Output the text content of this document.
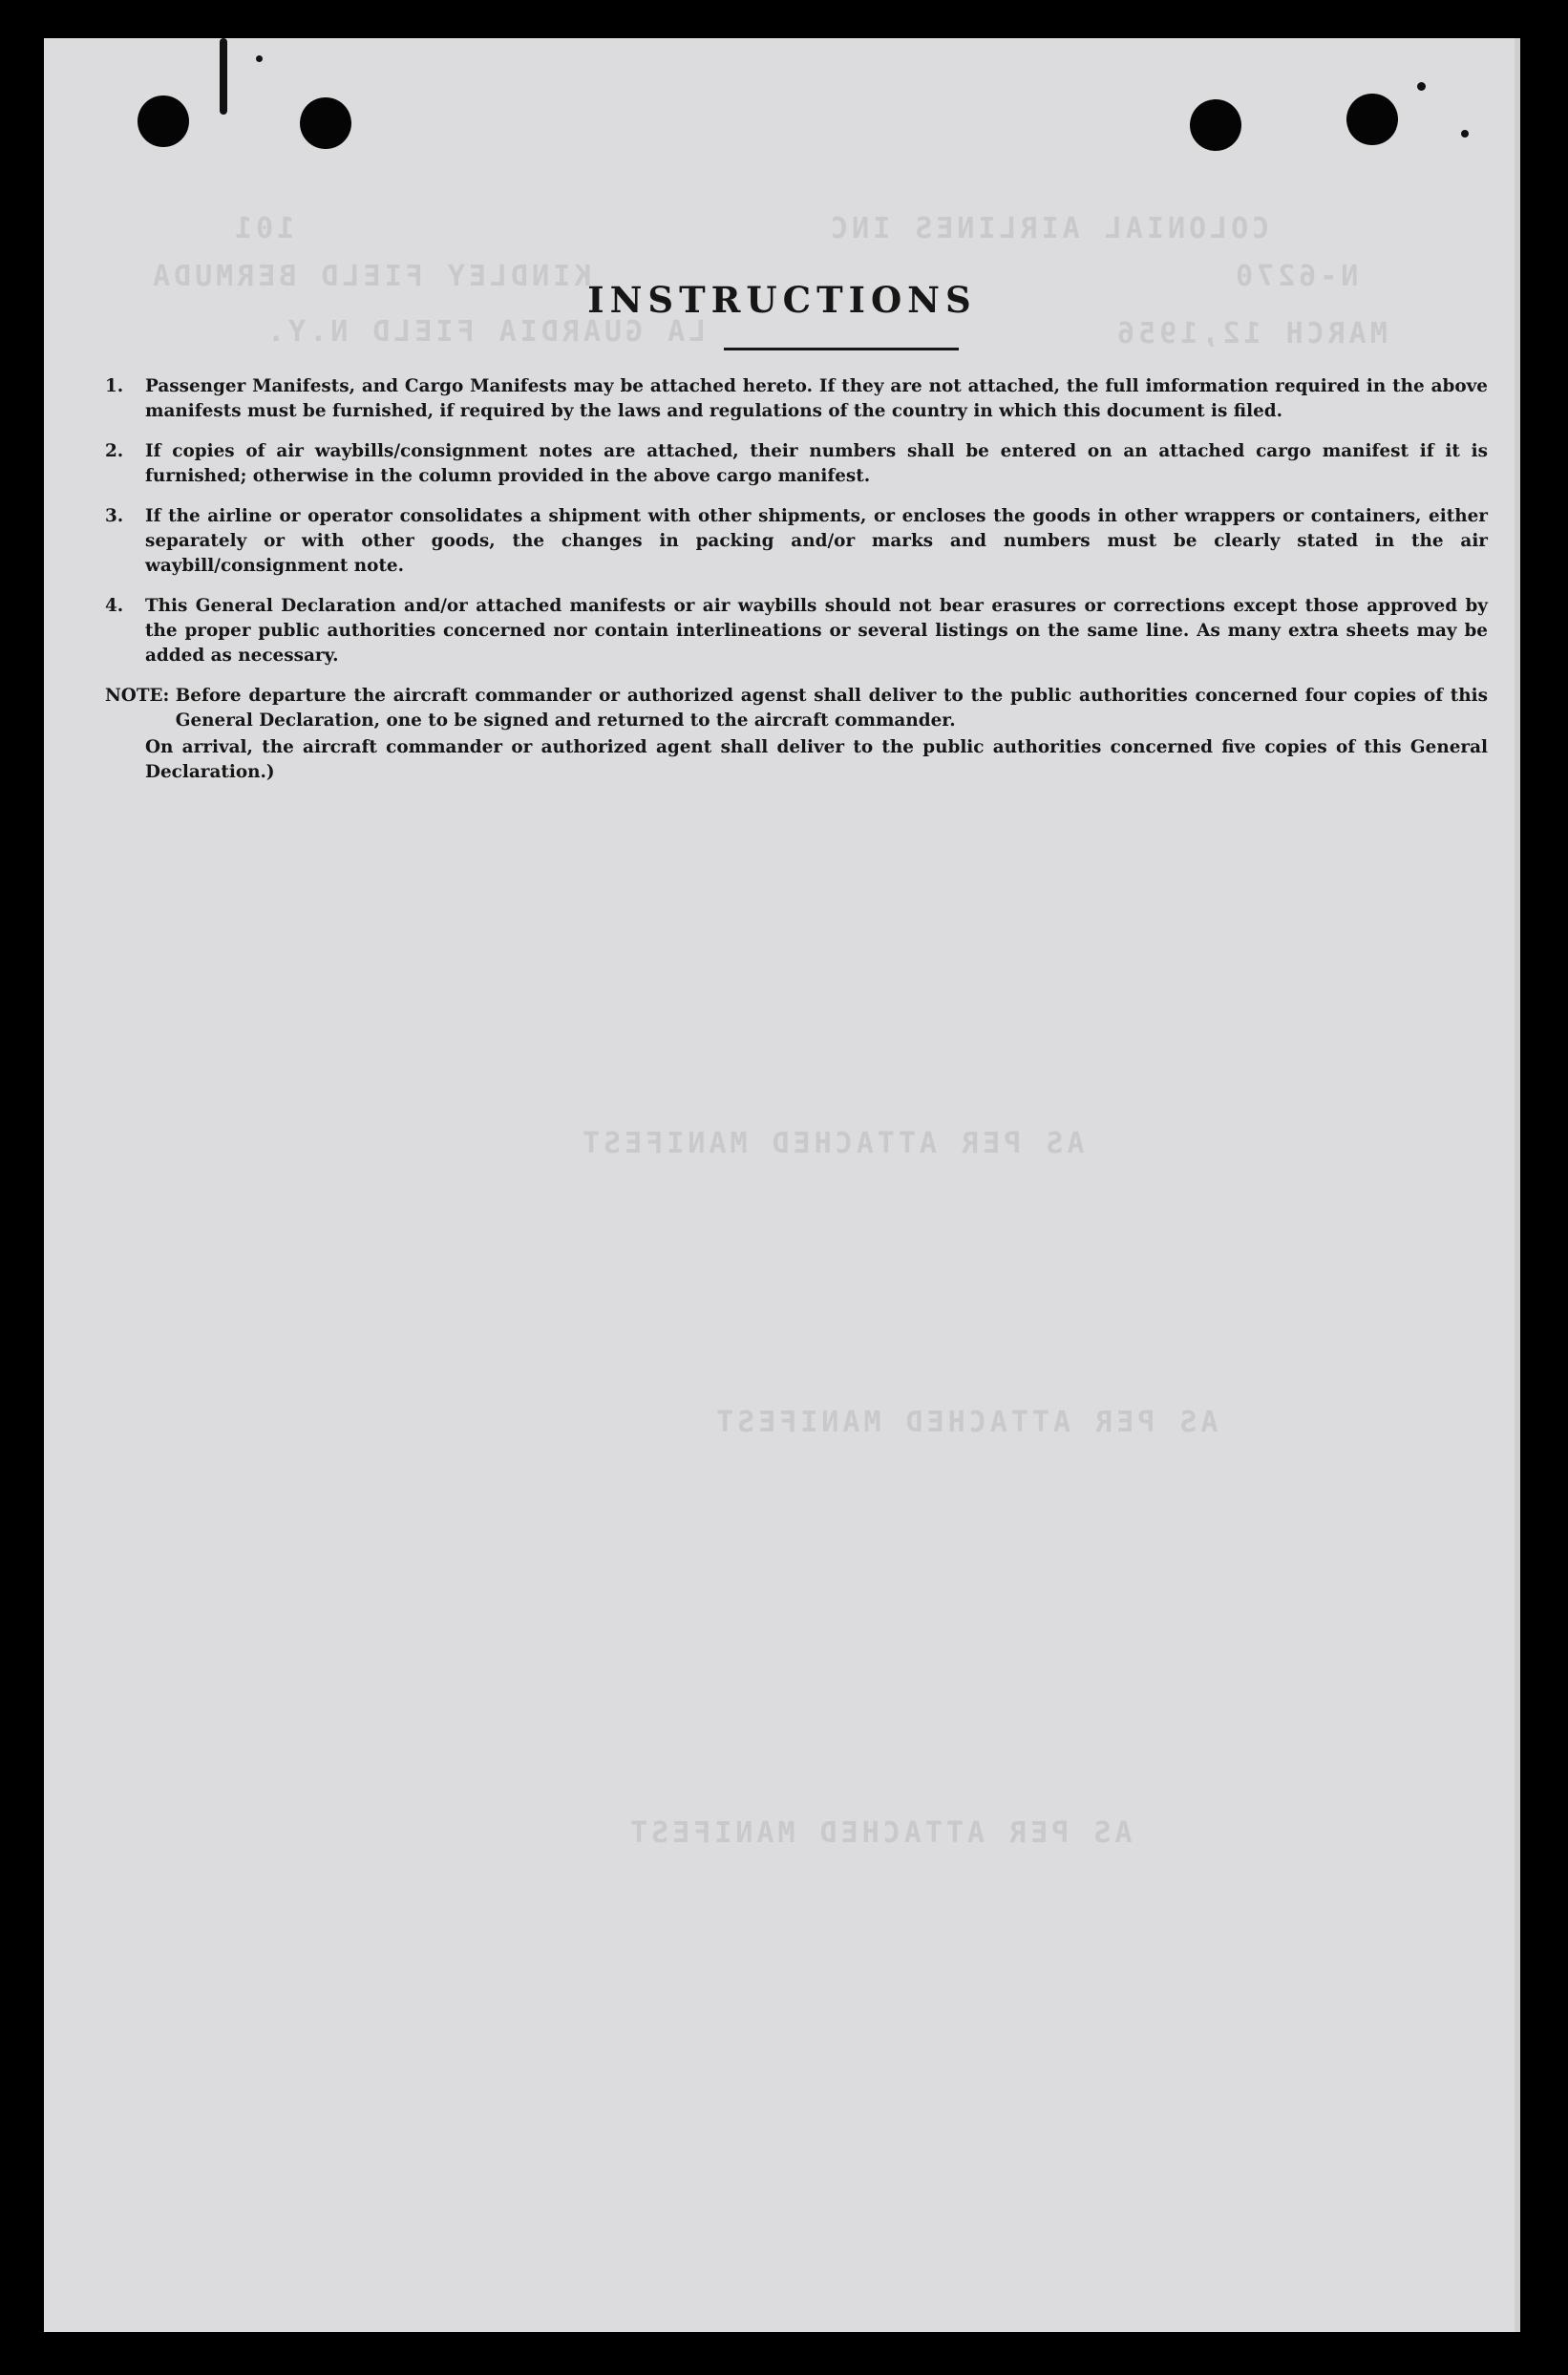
COLONIAL AIRLINES INC
101
KINDLEY FIELD BERMUDA	N-6270
LA GUARDIA FIELD N.Y.	MARCH 12,1956
AS PER ATTACHED MANIFEST
AS PER ATTACHED MANIFEST
AS PER ATTACHED MANIFEST
INSTRUCTIONS
1.	Passenger Manifests, and Cargo Manifests may be attached hereto. If they are not attached, the full imformation required in the above manifests must be furnished, if required by the laws and regulations of the country in which this document is filed.
2.	If copies of air waybills/consignment notes are attached, their numbers shall be entered on an attached cargo manifest if it is furnished; otherwise in the column provided in the above cargo manifest.
3.	If the airline or operator consolidates a shipment with other shipments, or encloses the goods in other wrappers or containers, either separately or with other goods, the changes in packing and/or marks and numbers must be clearly stated in the air waybill/consignment note.
4.	This General Declaration and/or attached manifests or air waybills should not bear erasures or corrections except those approved by the proper public authorities concerned nor contain interlineations or several listings on the same line. As many extra sheets may be added as necessary.
NOTE: Before departure the aircraft commander or authorized agenst shall deliver to the public authorities concerned four copies of this General Declaration, one to be signed and returned to the aircraft commander.
On arrival, the aircraft commander or authorized agent shall deliver to the public authorities concerned five copies of this General Declaration.)
